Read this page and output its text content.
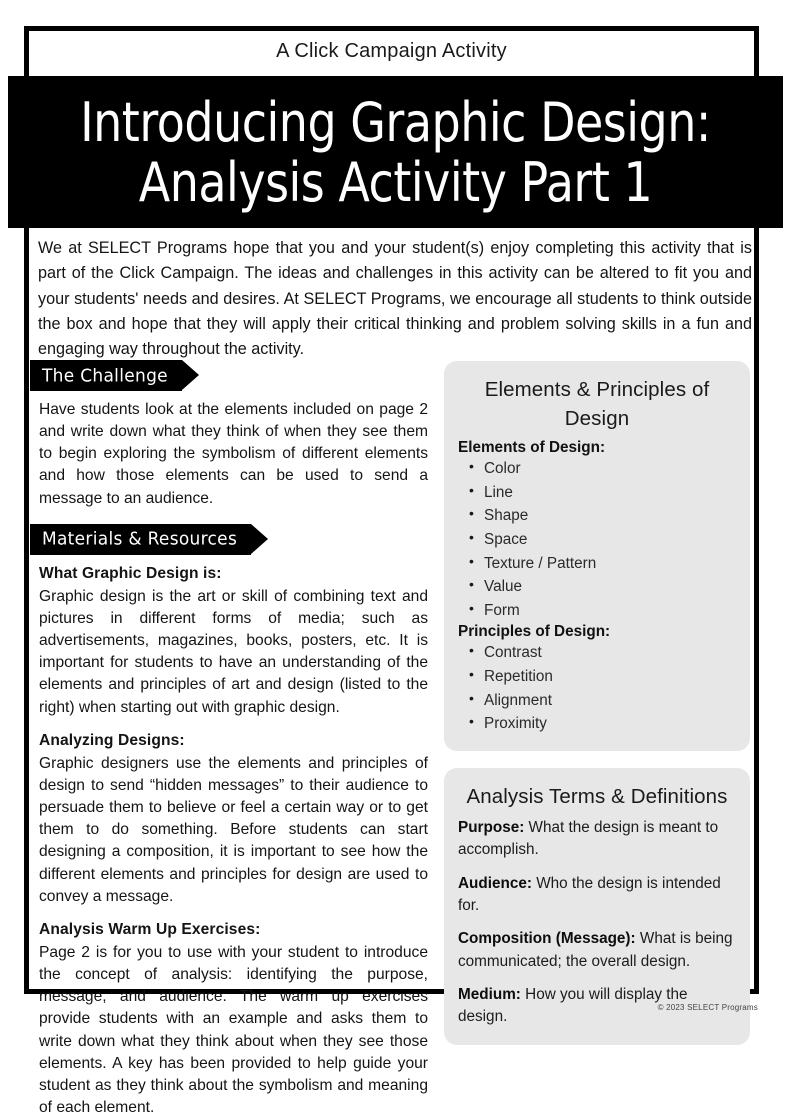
A Click Campaign Activity
Introducing Graphic Design:
Analysis Activity Part 1
We at SELECT Programs hope that you and your student(s) enjoy completing this activity that is part of the Click Campaign. The ideas and challenges in this activity can be altered to fit you and your students' needs and desires. At SELECT Programs, we encourage all students to think outside the box and hope that they will apply their critical thinking and problem solving skills in a fun and engaging way throughout the activity.
The Challenge

Have students look at the elements included on page 2 and write down what they think of when they see them to begin exploring the symbolism of different elements and how those elements can be used to send a message to an audience.

Materials & Resources
What Graphic Design is:

Graphic design is the art or skill of combining text and pictures in different forms of media; such as advertisements, magazines, books, posters, etc. It is important for students to have an understanding of the elements and principles of art and design (listed to the right) when starting out with graphic design.

Analyzing Designs:

Graphic designers use the elements and principles of design to send “hidden messages” to their audience to persuade them to believe or feel a certain way or to get them to do something. Before students can start designing a composition, it is important to see how the different elements and principles for design are used to convey a message.

Analysis Warm Up Exercises:

Page 2 is for you to use with your student to introduce the concept of analysis: identifying the purpose, message, and audience. The warm up exercises provide students with an example and asks them to write down what they think about when they see those elements. A key has been provided to help guide your student as they think about the symbolism and meaning of each element.

Elements & Principles of Design
Elements of Design:
• Color
• Line
• Shape
• Space
• Texture / Pattern
• Value
• Form
Principles of Design:
• Contrast
• Repetition
• Alignment
• Proximity
Analysis Terms & Definitions

Purpose: What the design is meant to accomplish.

Audience: Who the design is intended for.

Composition (Message): What is being communicated; the overall design.

Medium: How you will display the design.

© 2023 SELECT Programs
